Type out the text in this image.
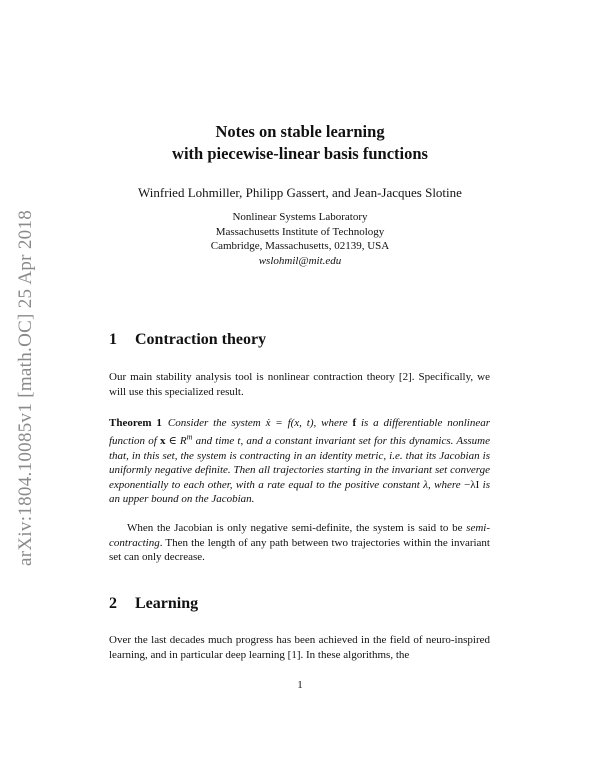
arXiv:1804.10085v1 [math.OC] 25 Apr 2018
Notes on stable learning
with piecewise-linear basis functions
Winfried Lohmiller, Philipp Gassert, and Jean-Jacques Slotine
Nonlinear Systems Laboratory
Massachusetts Institute of Technology
Cambridge, Massachusetts, 02139, USA
wslohmil@mit.edu
1 Contraction theory
Our main stability analysis tool is nonlinear contraction theory [2]. Specifically, we will use this specialized result.
Theorem 1 Consider the system ẋ = f(x, t), where f is a differentiable nonlinear function of x ∈ $R^m$ and time t, and a constant invariant set for this dynamics. Assume that, in this set, the system is contracting in an identity metric, i.e. that its Jacobian is uniformly negative definite. Then all trajectories starting in the invariant set converge exponentially to each other, with a rate equal to the positive constant λ, where −λI is an upper bound on the Jacobian.
When the Jacobian is only negative semi-definite, the system is said to be semi-contracting. Then the length of any path between two trajectories within the invariant set can only decrease.
2 Learning
Over the last decades much progress has been achieved in the field of neuro-inspired learning, and in particular deep learning [1]. In these algorithms, the
1
